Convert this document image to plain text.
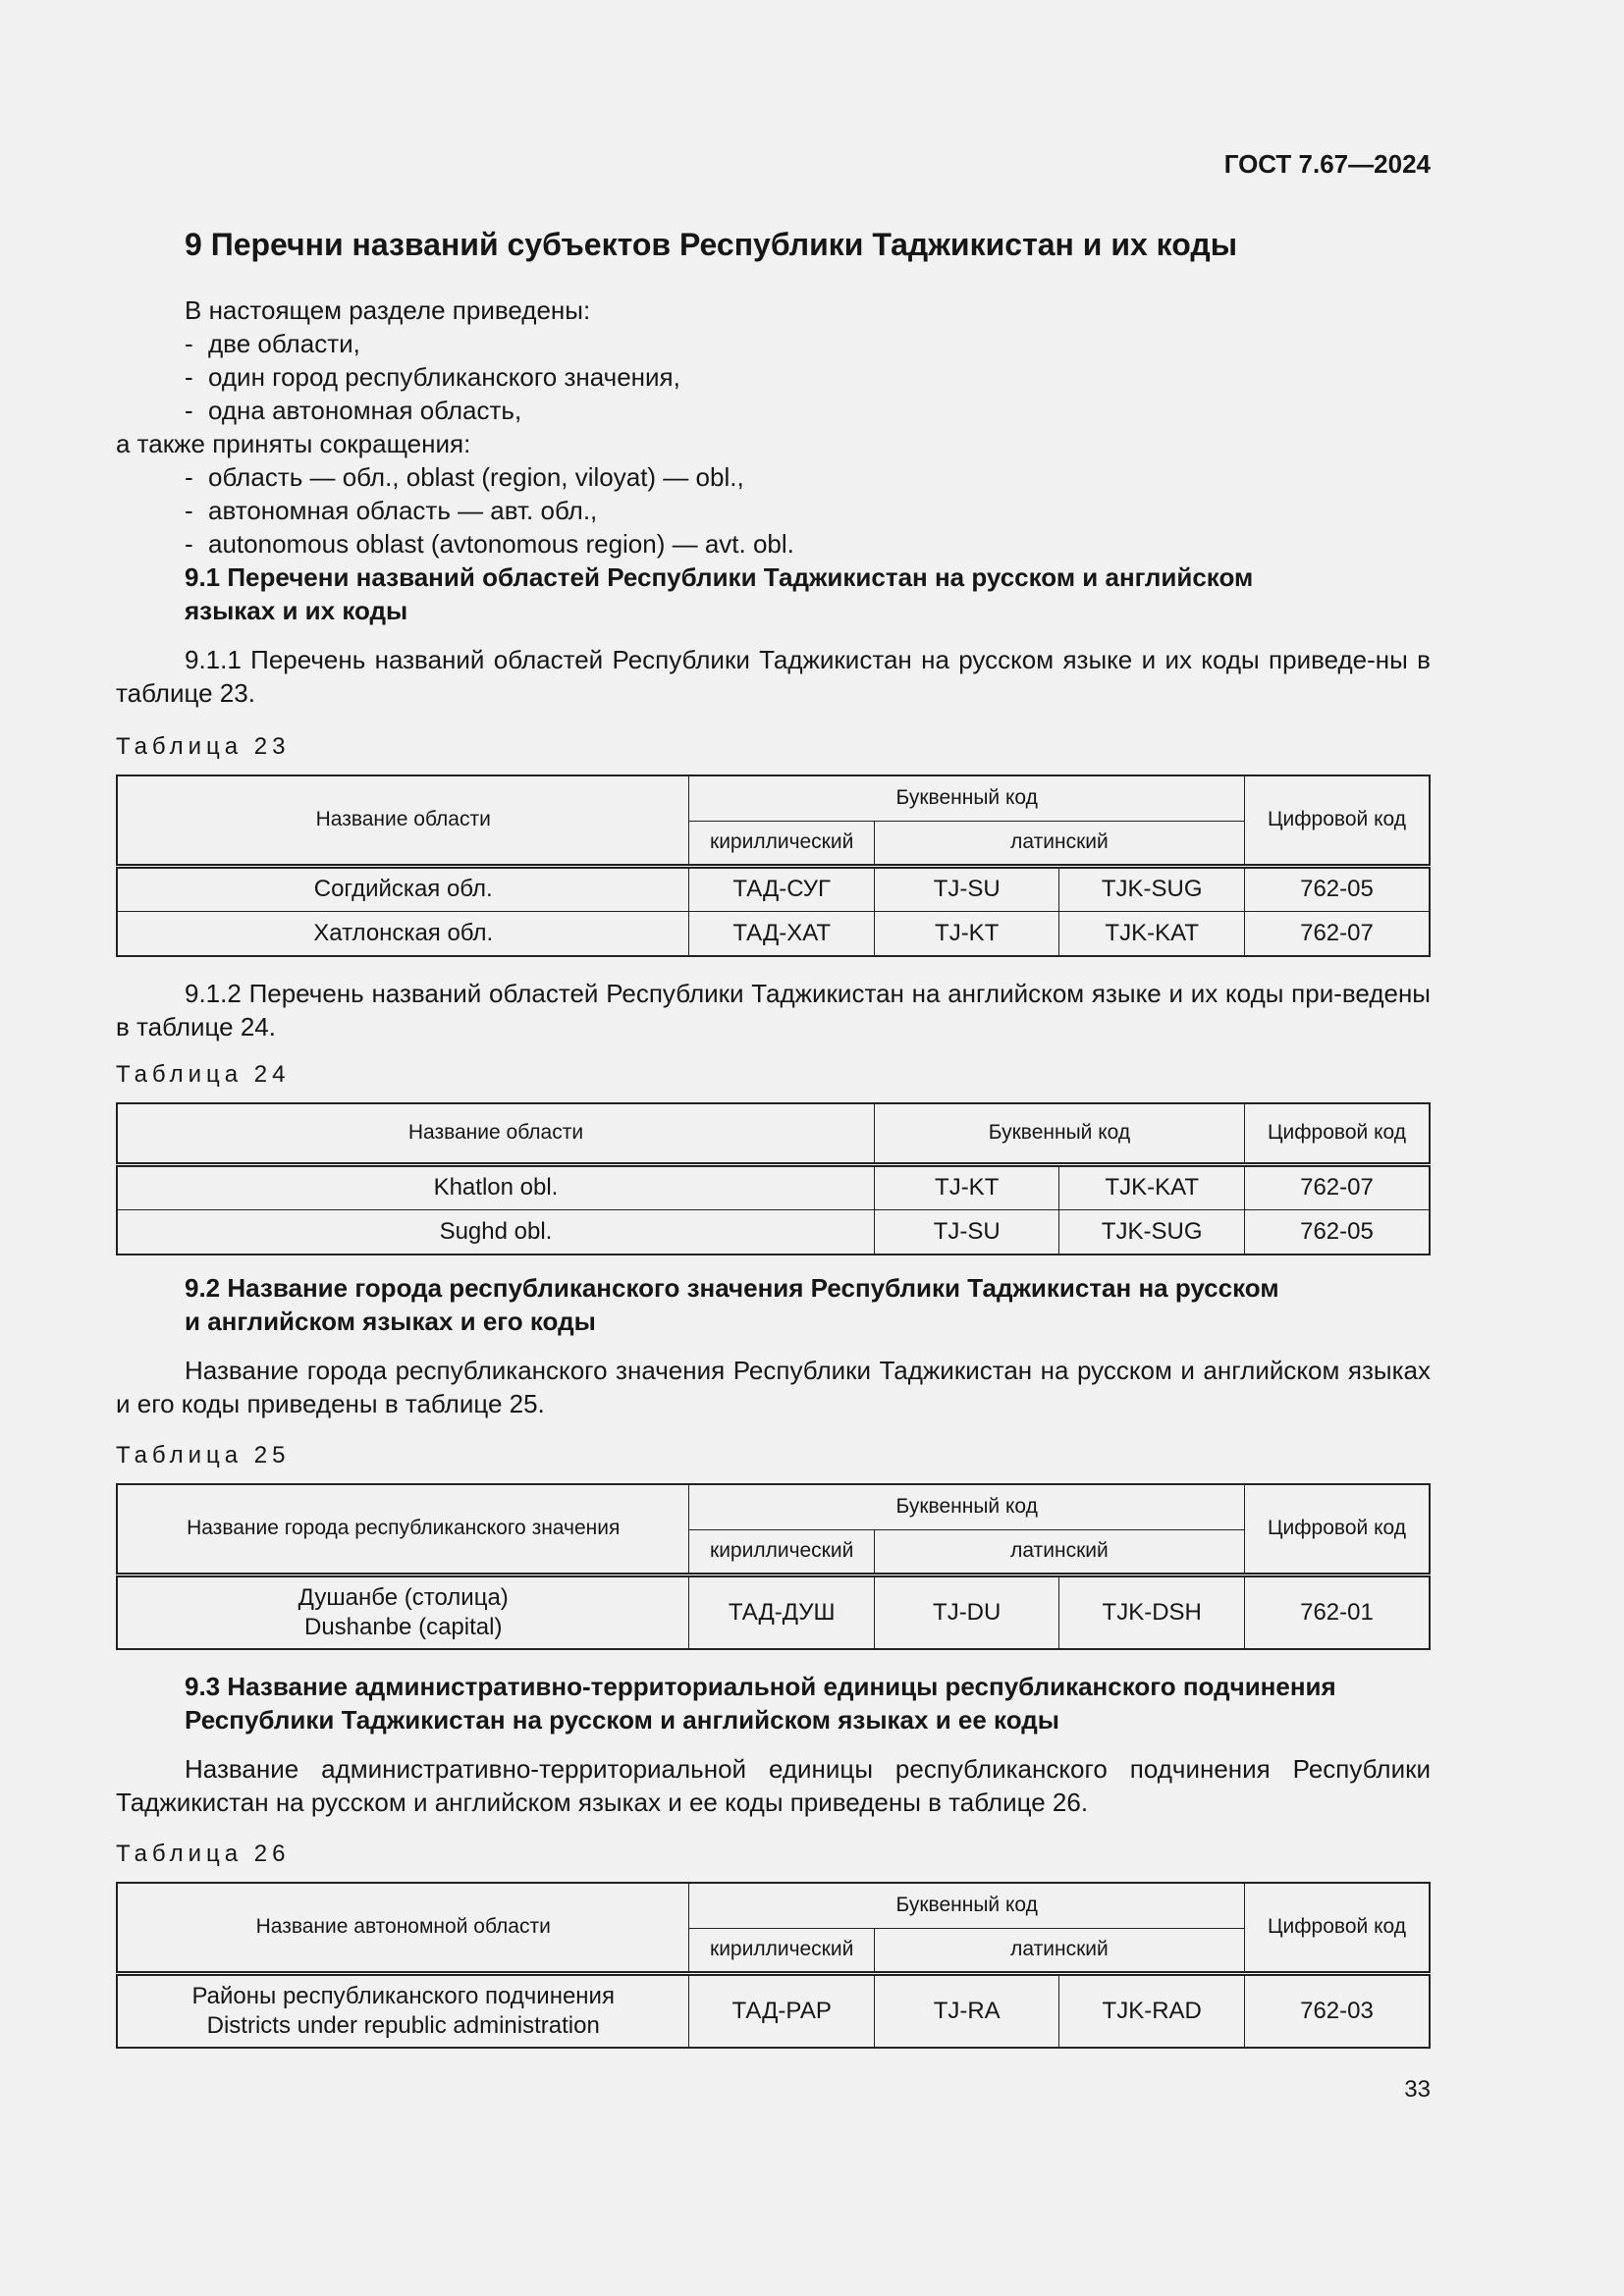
ГОСТ 7.67—2024

9 Перечни названий субъектов Республики Таджикистан и их коды

В настоящем разделе приведены:

- две области,
- один город республиканского значения,
- одна автономная область,

а также приняты сокращения:

- область — обл., oblast (region, viloyat) — obl.,
- автономная область — авт. обл.,
- autonomous oblast (avtonomous region) — avt. obl.
9.1 Перечени названий областей Республики Таджикистан на русском и английском
языках и их коды

9.1.1 Перечень названий областей Республики Таджикистан на русском языке и их коды приведе-ны в таблице 23.

Таблица 23

Название области	Буквенный код			Цифровой код
	кириллический	латинский		
Согдийская обл.	ТАД-СУГ	TJ-SU	TJK-SUG	762-05
Хатлонская обл.	ТАД-ХАТ	TJ-KT	TJK-KAT	762-07

9.1.2 Перечень названий областей Республики Таджикистан на английском языке и их коды при-ведены в таблице 24.

Таблица 24

Название области	Буквенный код		Цифровой код
Khatlon obl.	TJ-KT	TJK-KAT	762-07
Sughd obl.	TJ-SU	TJK-SUG	762-05
9.2 Название города республиканского значения Республики Таджикистан на русском
и английском языках и его коды

Название города республиканского значения Республики Таджикистан на русском и английском языках и его коды приведены в таблице 25.

Таблица 25

Название города республиканского значения	Буквенный код			Цифровой код
	кириллический	латинский		
Душанбе (столица)
Dushanbe (capital)	ТАД-ДУШ	TJ-DU	TJK-DSH	762-01
9.3 Название административно-территориальной единицы республиканского подчинения
Республики Таджикистан на русском и английском языках и ее коды

Название административно-территориальной единицы республиканского подчинения Республики Таджикистан на русском и английском языках и ее коды приведены в таблице 26.

Таблица 26

Название автономной области	Буквенный код			Цифровой код
	кириллический	латинский		
Районы республиканского подчинения
Districts under republic administration	ТАД-РАР	TJ-RA	TJK-RAD	762-03

33
